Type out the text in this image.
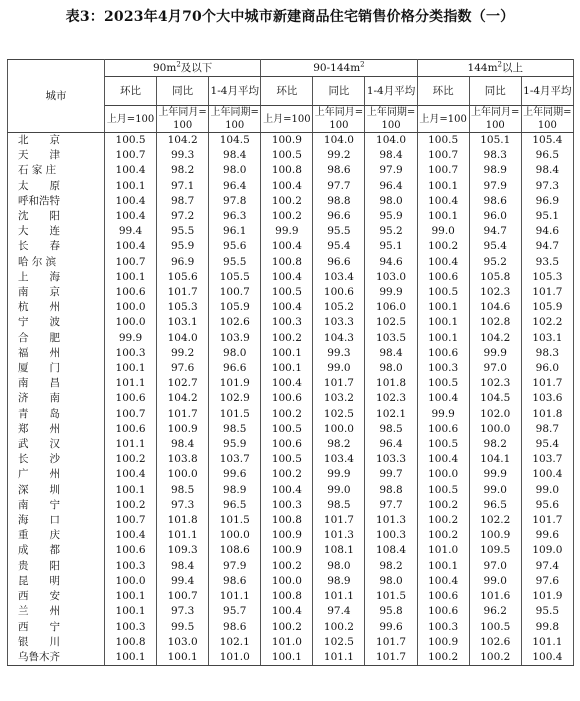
表3：2023年4月70个大中城市新建商品住宅销售价格分类指数（一）
城市	$90m^2$及以下			$90-144m^2$			$144m^2$以上		
	环比	同比	1-4月平均	环比	同比	1-4月平均	环比	同比	1-4月平均
	上月=100	上年同月=100	上年同期=100	上月=100	上年同月=100	上年同期=100	上月=100	上年同月=100	上年同期=100
北　　京	100.5	104.2	104.5	100.9	104.0	104.0	100.5	105.1	105.4
天　　津	100.7	99.3	98.4	100.5	99.2	98.4	100.7	98.3	96.5
石 家 庄	100.4	98.2	98.0	100.8	98.6	97.9	100.7	98.9	98.4
太　　原	100.1	97.1	96.4	100.4	97.7	96.4	100.1	97.9	97.3
呼和浩特	100.4	98.7	97.8	100.2	98.8	98.0	100.4	98.6	96.9
沈　　阳	100.4	97.2	96.3	100.2	96.6	95.9	100.1	96.0	95.1
大　　连	99.4	95.5	96.1	99.9	95.5	95.2	99.0	94.7	94.6
长　　春	100.4	95.9	95.6	100.4	95.4	95.1	100.2	95.4	94.7
哈 尔 滨	100.7	96.9	95.5	100.8	96.6	94.6	100.4	95.2	93.5
上　　海	100.1	105.6	105.5	100.4	103.4	103.0	100.6	105.8	105.3
南　　京	100.6	101.7	100.7	100.5	100.6	99.9	100.5	102.3	101.7
杭　　州	100.0	105.3	105.9	100.4	105.2	106.0	100.1	104.6	105.9
宁　　波	100.0	103.1	102.6	100.3	103.3	102.5	100.1	102.8	102.2
合　　肥	99.9	104.0	103.9	100.2	104.3	103.5	100.1	104.2	103.1
福　　州	100.3	99.2	98.0	100.1	99.3	98.4	100.6	99.9	98.3
厦　　门	100.1	97.6	96.6	100.1	99.0	98.0	100.3	97.0	96.0
南　　昌	101.1	102.7	101.9	100.4	101.7	101.8	100.5	102.3	101.7
济　　南	100.6	104.2	102.9	100.6	103.2	102.3	100.4	104.5	103.6
青　　岛	100.7	101.7	101.5	100.2	102.5	102.1	99.9	102.0	101.8
郑　　州	100.6	100.9	98.5	100.5	100.0	98.5	100.6	100.0	98.7
武　　汉	101.1	98.4	95.9	100.6	98.2	96.4	100.5	98.2	95.4
长　　沙	100.2	103.8	103.7	100.5	103.4	103.3	100.4	104.1	103.7
广　　州	100.4	100.0	99.6	100.2	99.9	99.7	100.0	99.9	100.4
深　　圳	100.1	98.5	98.9	100.4	99.0	98.8	100.5	99.0	99.0
南　　宁	100.2	97.3	96.5	100.3	98.5	97.7	100.2	96.5	95.6
海　　口	100.7	101.8	101.5	100.8	101.7	101.3	100.2	102.2	101.7
重　　庆	100.4	101.1	100.0	100.9	101.3	100.3	100.2	100.9	99.6
成　　都	100.6	109.3	108.6	100.9	108.1	108.4	101.0	109.5	109.0
贵　　阳	100.3	98.4	97.9	100.2	98.0	98.2	100.1	97.0	97.4
昆　　明	100.0	99.4	98.6	100.0	98.9	98.0	100.4	99.0	97.6
西　　安	100.1	100.7	101.1	100.8	101.1	101.5	100.6	101.6	101.9
兰　　州	100.1	97.3	95.7	100.4	97.4	95.8	100.6	96.2	95.5
西　　宁	100.3	99.5	98.6	100.2	100.2	99.6	100.3	100.5	99.8
银　　川	100.8	103.0	102.1	101.0	102.5	101.7	100.9	102.6	101.1
乌鲁木齐	100.1	100.1	101.0	100.1	101.1	101.7	100.2	100.2	100.4
